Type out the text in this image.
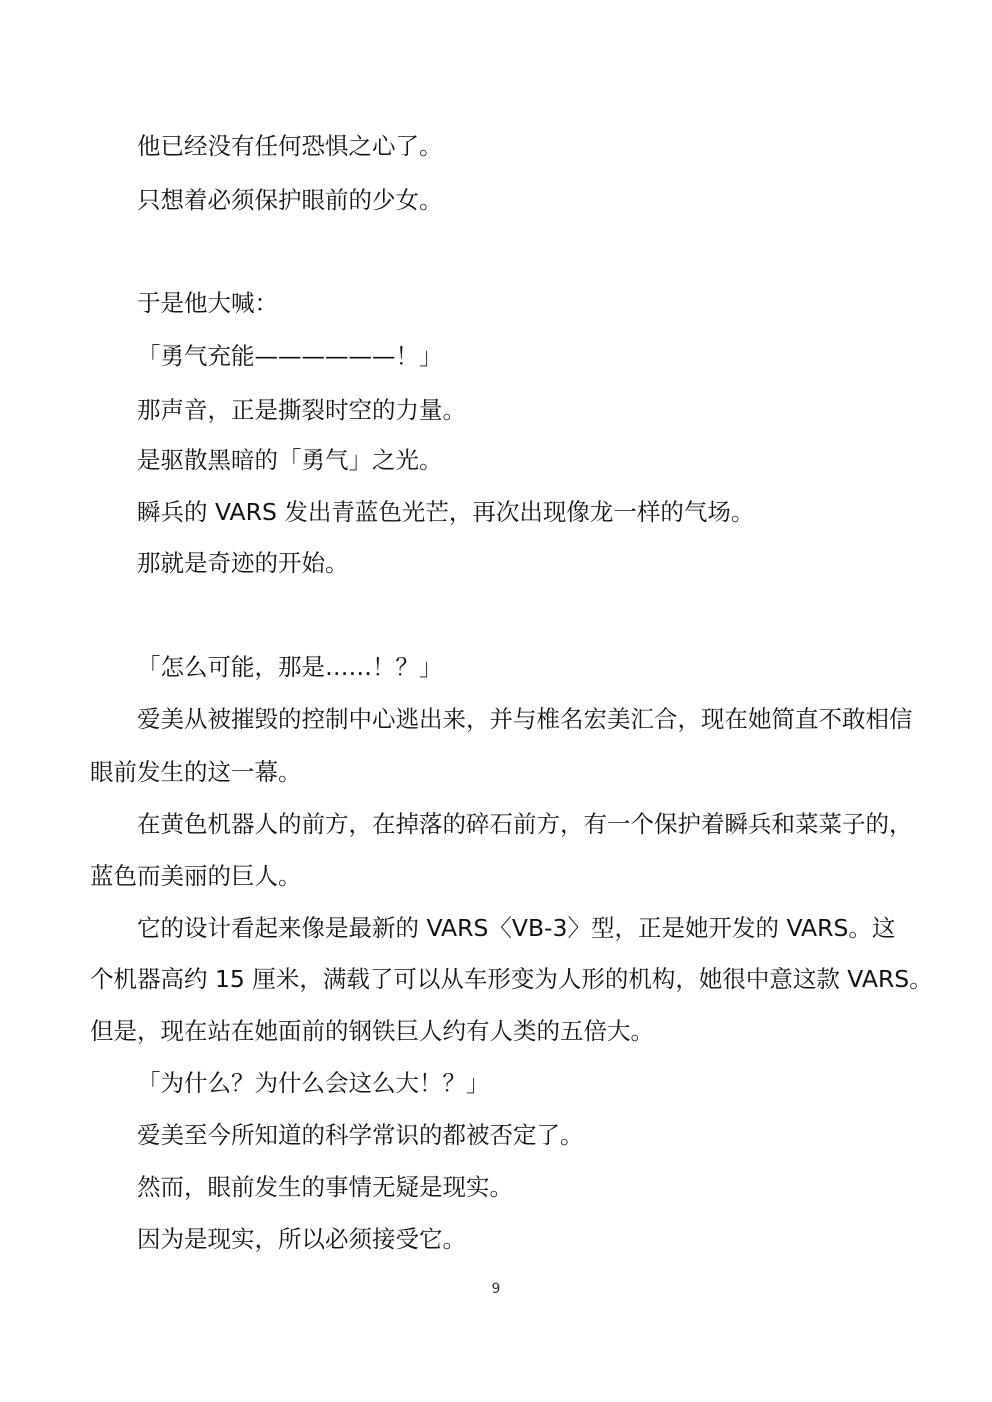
他已经没有任何恐惧之心了。
只想着必须保护眼前的少女。
于是他大喊：
「勇气充能——————！」
那声音，正是撕裂时空的力量。
是驱散黑暗的「勇气」之光。
瞬兵的 VARS 发出青蓝色光芒，再次出现像龙一样的气场。
那就是奇迹的开始。
「怎么可能，那是……！？」
爱美从被摧毁的控制中心逃出来，并与椎名宏美汇合，现在她简直不敢相信
眼前发生的这一幕。
在黄色机器人的前方，在掉落的碎石前方，有一个保护着瞬兵和菜菜子的，
蓝色而美丽的巨人。
它的设计看起来像是最新的 VARS〈VB-3〉型，正是她开发的 VARS。这
个机器高约 15 厘米，满载了可以从车形变为人形的机构，她很中意这款 VARS。
但是，现在站在她面前的钢铁巨人约有人类的五倍大。
「为什么？为什么会这么大！？」
爱美至今所知道的科学常识的都被否定了。
然而，眼前发生的事情无疑是现实。
因为是现实，所以必须接受它。
9
